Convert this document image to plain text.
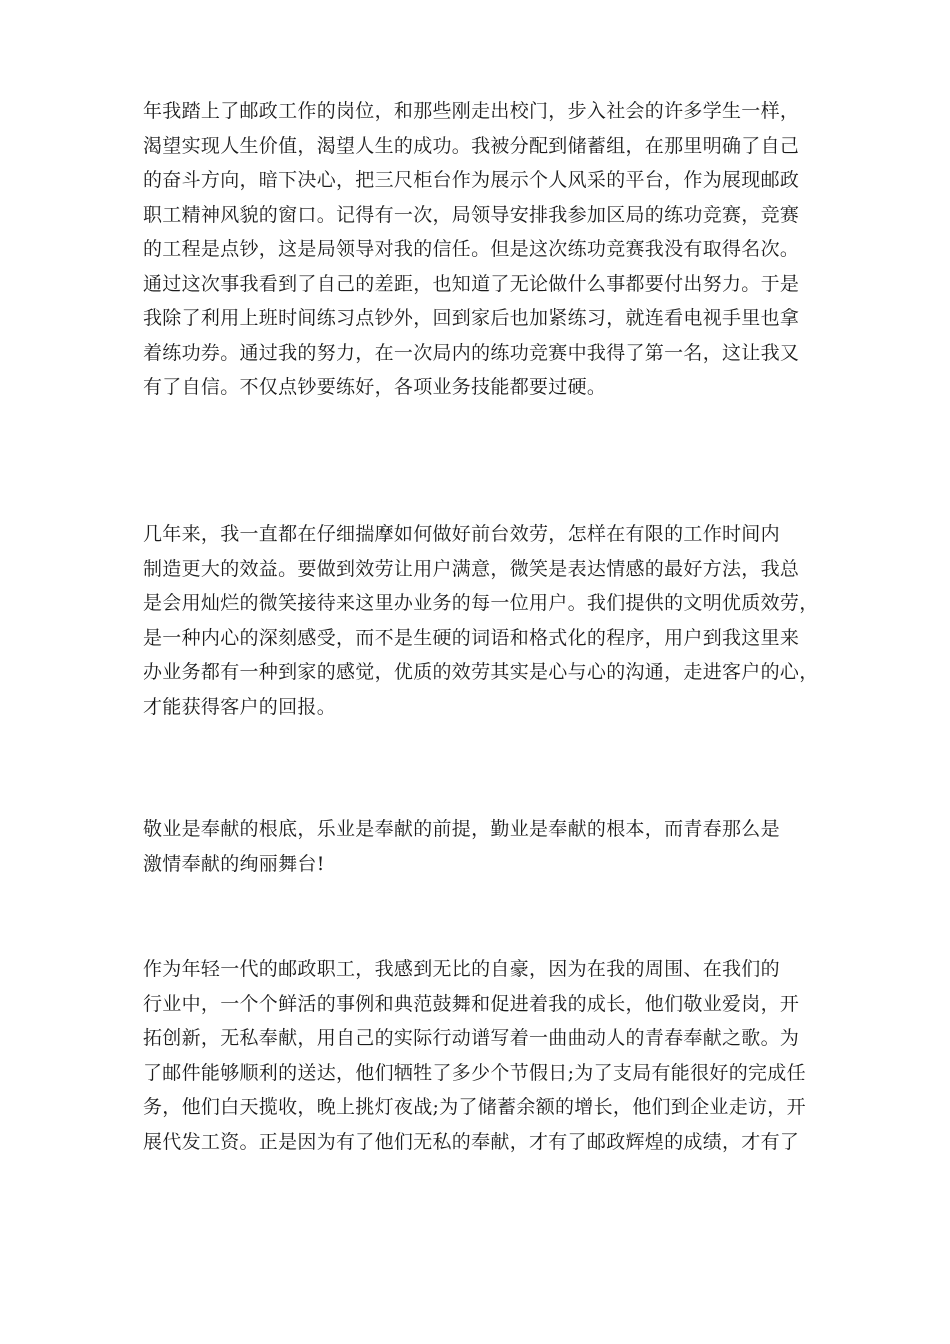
年我踏上了邮政工作的岗位，和那些刚走出校门，步入社会的许多学生一样，
渴望实现人生价值，渴望人生的成功。我被分配到储蓄组，在那里明确了自己
的奋斗方向，暗下决心，把三尺柜台作为展示个人风采的平台，作为展现邮政
职工精神风貌的窗口。记得有一次，局领导安排我参加区局的练功竞赛，竞赛
的工程是点钞，这是局领导对我的信任。但是这次练功竞赛我没有取得名次。
通过这次事我看到了自己的差距，也知道了无论做什么事都要付出努力。于是
我除了利用上班时间练习点钞外，回到家后也加紧练习，就连看电视手里也拿
着练功券。通过我的努力，在一次局内的练功竞赛中我得了第一名，这让我又
有了自信。不仅点钞要练好，各项业务技能都要过硬。

几年来，我一直都在仔细揣摩如何做好前台效劳，怎样在有限的工作时间内
制造更大的效益。要做到效劳让用户满意，微笑是表达情感的最好方法，我总
是会用灿烂的微笑接待来这里办业务的每一位用户。我们提供的文明优质效劳，
是一种内心的深刻感受，而不是生硬的词语和格式化的程序，用户到我这里来
办业务都有一种到家的感觉，优质的效劳其实是心与心的沟通，走进客户的心，
才能获得客户的回报。

敬业是奉献的根底，乐业是奉献的前提，勤业是奉献的根本，而青春那么是
激情奉献的绚丽舞台!

作为年轻一代的邮政职工，我感到无比的自豪，因为在我的周围、在我们的
行业中，一个个鲜活的事例和典范鼓舞和促进着我的成长，他们敬业爱岗，开
拓创新，无私奉献，用自己的实际行动谱写着一曲曲动人的青春奉献之歌。为
了邮件能够顺利的送达，他们牺牲了多少个节假日;为了支局有能很好的完成任
务，他们白天揽收，晚上挑灯夜战;为了储蓄余额的增长，他们到企业走访，开
展代发工资。正是因为有了他们无私的奉献，才有了邮政辉煌的成绩，才有了
